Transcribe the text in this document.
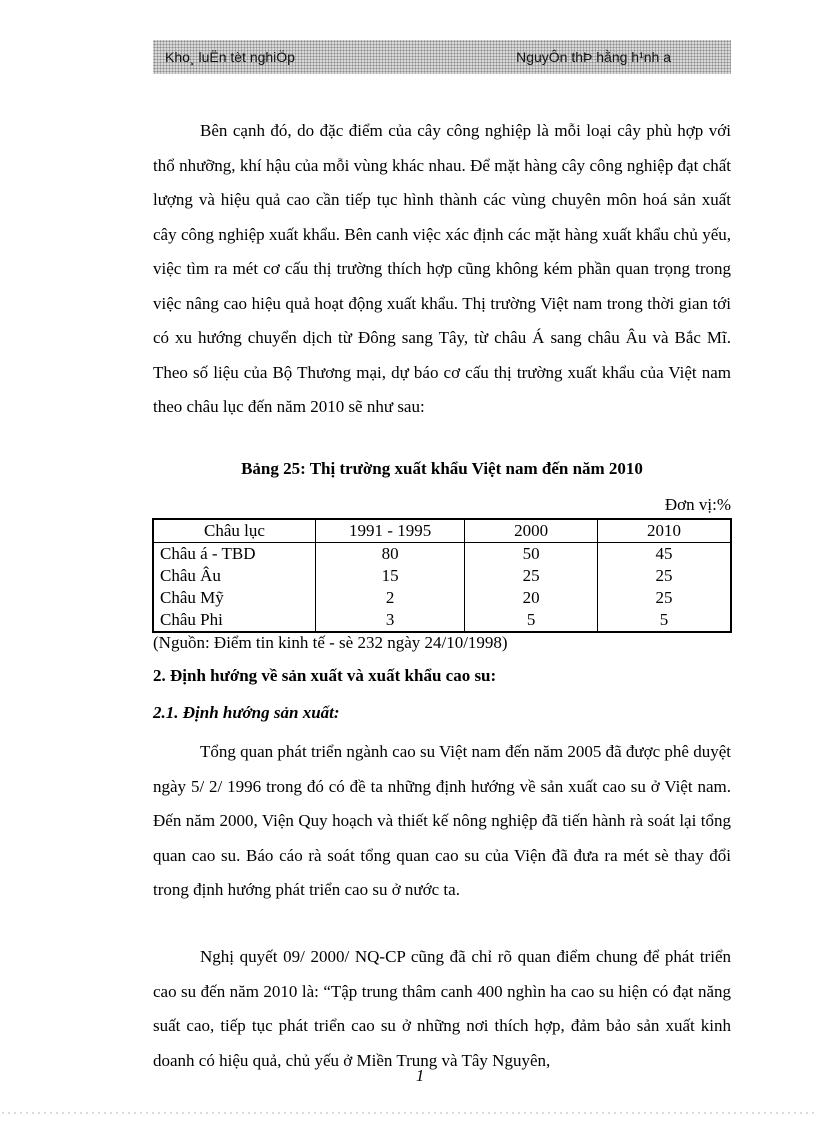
Kho¸ luËn tèt nghiÖp	NguyÔn thÞ hằng h¹nh a

Bên cạnh đó, do đặc điểm của cây công nghiệp là mỗi loại cây phù hợp với thổ nhưỡng, khí hậu của mỗi vùng khác nhau. Để mặt hàng cây công nghiệp đạt chất lượng và hiệu quả cao cần tiếp tục hình thành các vùng chuyên môn hoá sản xuất cây công nghiệp xuất khẩu. Bên canh việc xác định các mặt hàng xuất khẩu chủ yếu, việc tìm ra mét cơ cấu thị trường thích hợp cũng không kém phần quan trọng trong việc nâng cao hiệu quả hoạt động xuất khẩu. Thị trường Việt nam trong thời gian tới có xu hướng chuyển dịch từ Đông sang Tây, từ châu Á sang châu Âu và Bắc Mĩ. Theo số liệu của Bộ Thương mại, dự báo cơ cấu thị trường xuất khẩu của Việt nam theo châu lục đến năm 2010 sẽ như sau:

Bảng 25: Thị trường xuất khẩu Việt nam đến năm 2010
Đơn vị:%
Châu lục	1991 - 1995	2000	2010
Châu á - TBD	80	50	45
Châu Âu	15	25	25
Châu Mỹ	2	20	25
Châu Phi	3	5	5
(Nguồn: Điểm tin kinh tế - sè 232 ngày 24/10/1998)
2. Định hướng về sản xuất và xuất khẩu cao su:
2.1. Định hướng sản xuất:

Tổng quan phát triển ngành cao su Việt nam đến năm 2005 đã được phê duyệt ngày 5/ 2/ 1996 trong đó có đề ta những định hướng về sản xuất cao su ở Việt nam. Đến năm 2000, Viện Quy hoạch và thiết kế nông nghiệp đã tiến hành rà soát lại tổng quan cao su. Báo cáo rà soát tổng quan cao su của Viện đã đưa ra mét sè thay đổi trong định hướng phát triển cao su ở nước ta.

Nghị quyết 09/ 2000/ NQ-CP cũng đã chỉ rõ quan điểm chung để phát triển cao su đến năm 2010 là: “Tập trung thâm canh 400 nghìn ha cao su hiện có đạt năng suất cao, tiếp tục phát triển cao su ở những nơi thích hợp, đảm bảo sản xuất kinh doanh có hiệu quả, chủ yếu ở Miền Trung và Tây Nguyên,

1
